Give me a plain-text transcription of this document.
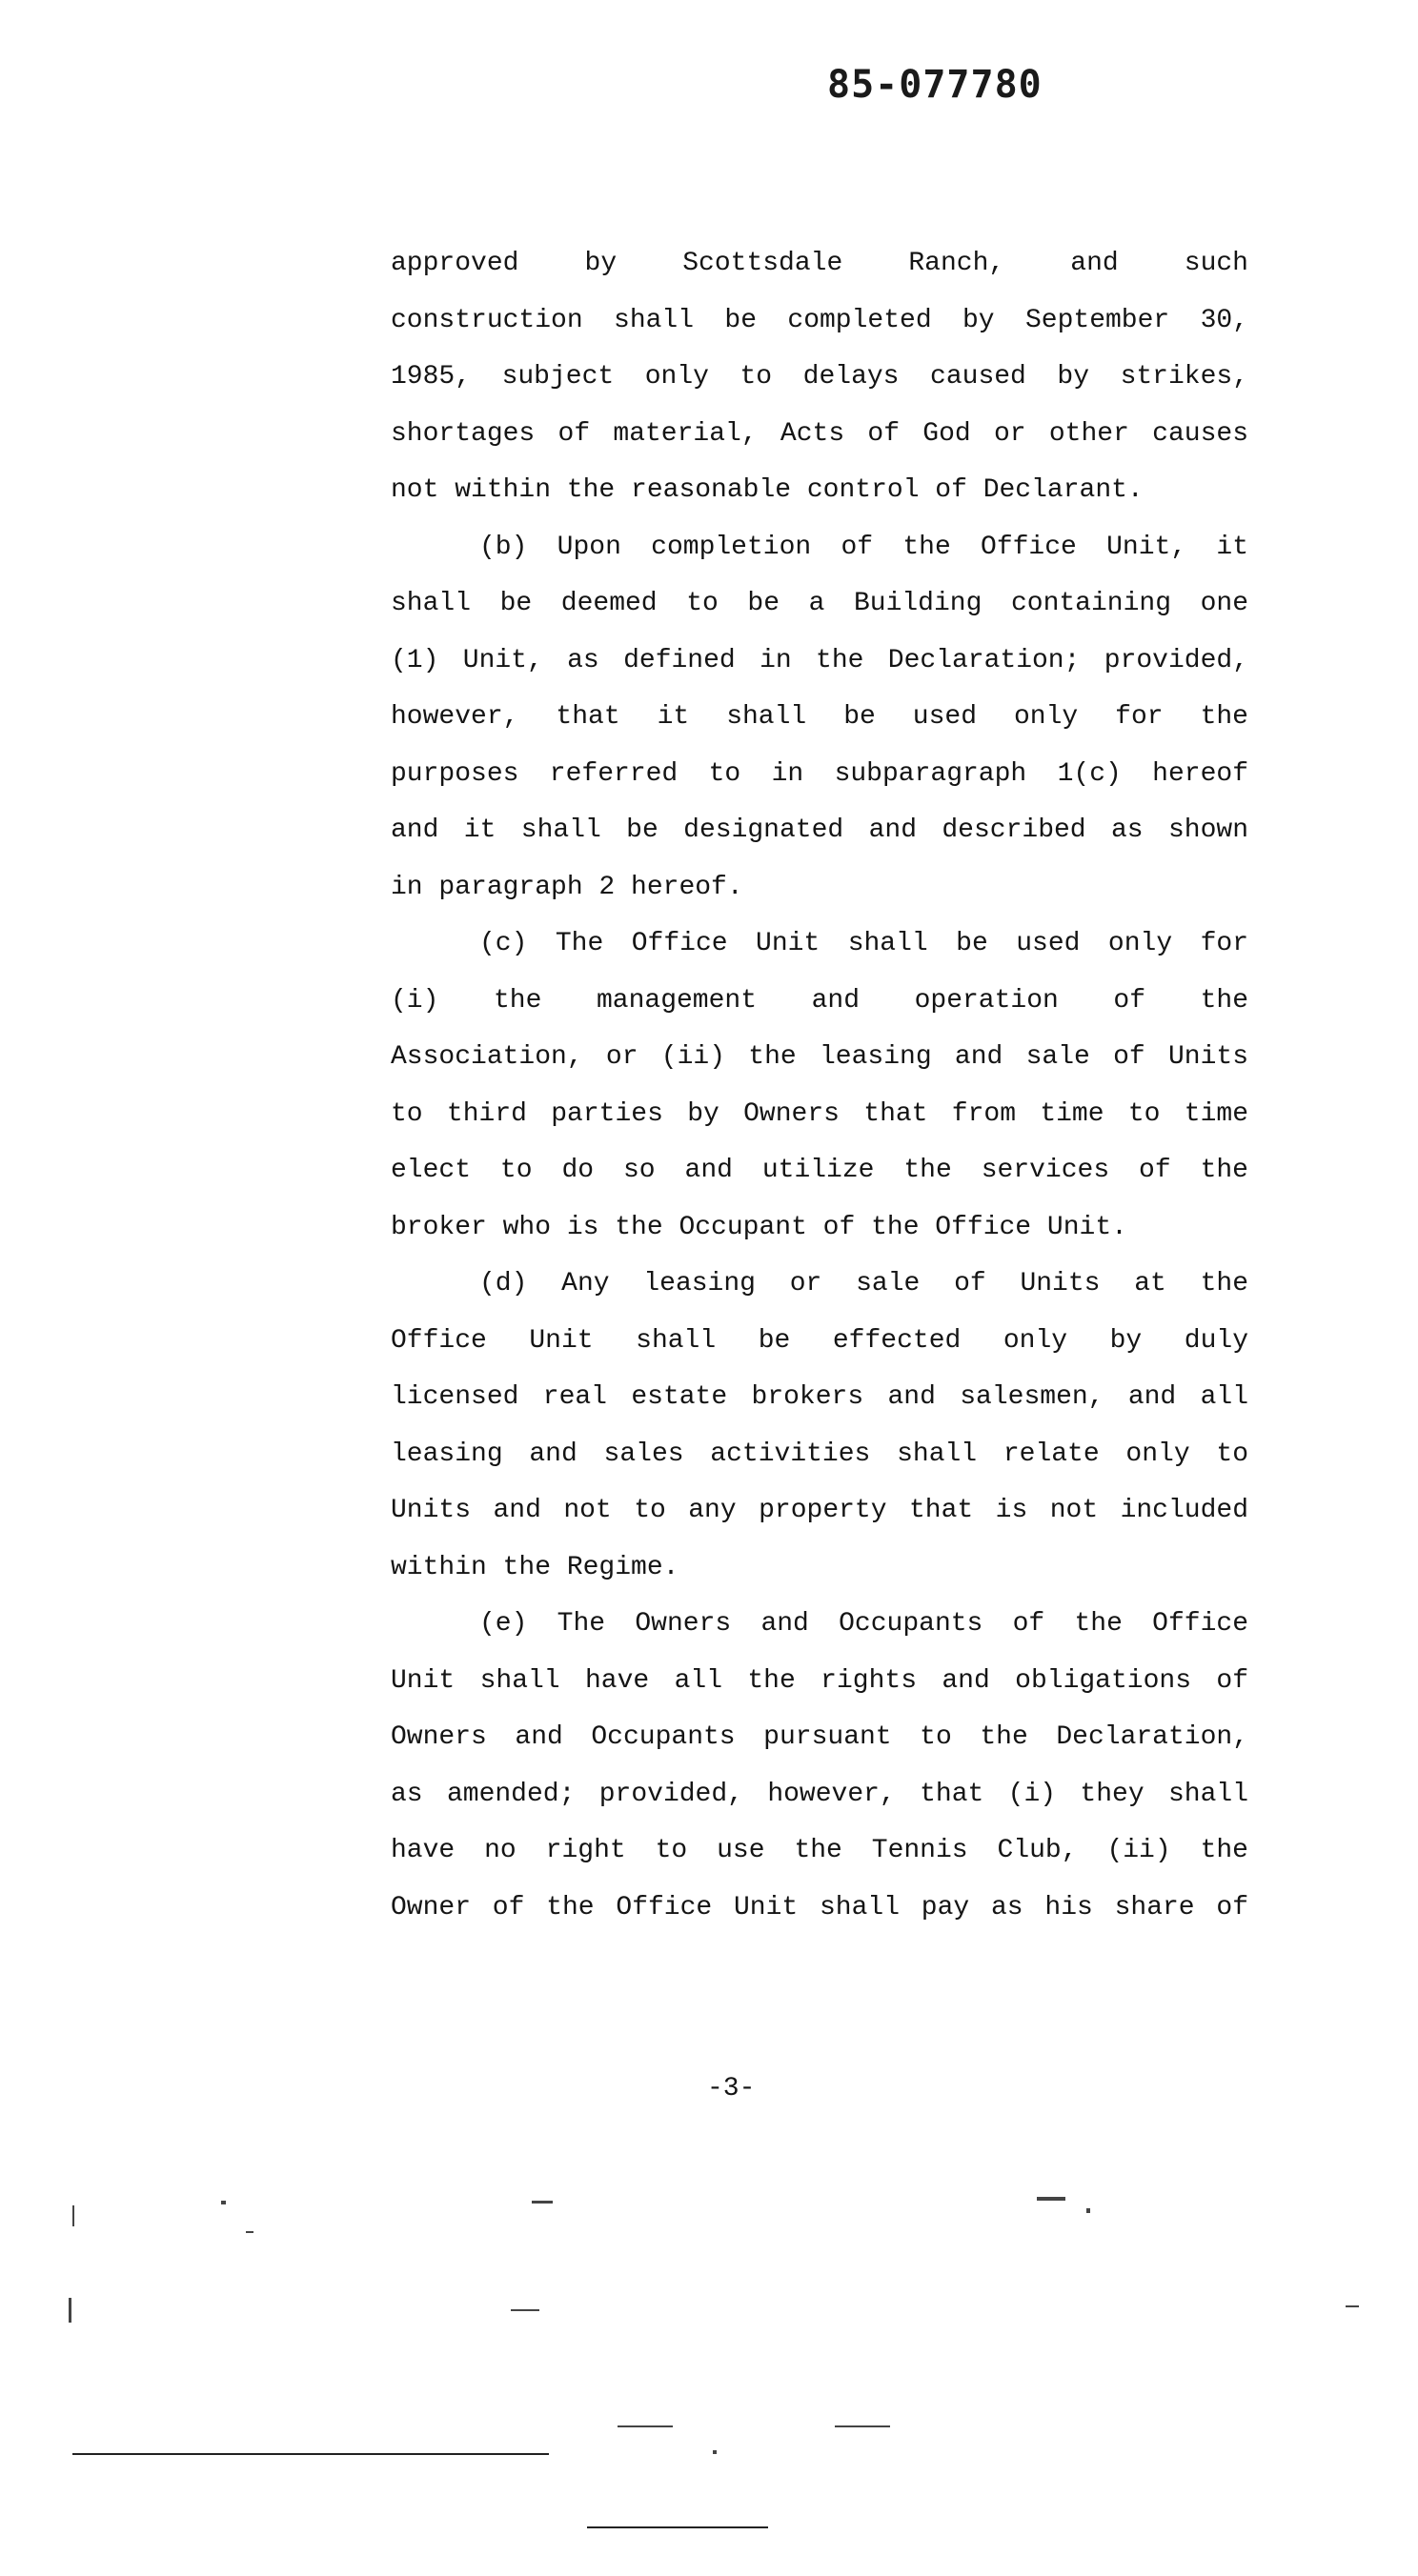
85-077780
approved by Scottsdale Ranch, and such
construction shall be completed by September 30,
1985, subject only to delays caused by strikes,
shortages of material, Acts of God or other causes
not within the reasonable control of Declarant.
(b) Upon completion of the Office Unit, it
shall be deemed to be a Building containing one
(1) Unit, as defined in the Declaration; provided,
however, that it shall be used only for the
purposes referred to in subparagraph 1(c) hereof
and it shall be designated and described as shown
in paragraph 2 hereof.
(c) The Office Unit shall be used only for
(i) the management and operation of the
Association, or (ii) the leasing and sale of Units
to third parties by Owners that from time to time
elect to do so and utilize the services of the
broker who is the Occupant of the Office Unit.
(d) Any leasing or sale of Units at the
Office Unit shall be effected only by duly
licensed real estate brokers and salesmen, and all
leasing and sales activities shall relate only to
Units and not to any property that is not included
within the Regime.
(e) The Owners and Occupants of the Office
Unit shall have all the rights and obligations of
Owners and Occupants pursuant to the Declaration,
as amended; provided, however, that (i) they shall
have no right to use the Tennis Club, (ii) the
Owner of the Office Unit shall pay as his share of
-3-
